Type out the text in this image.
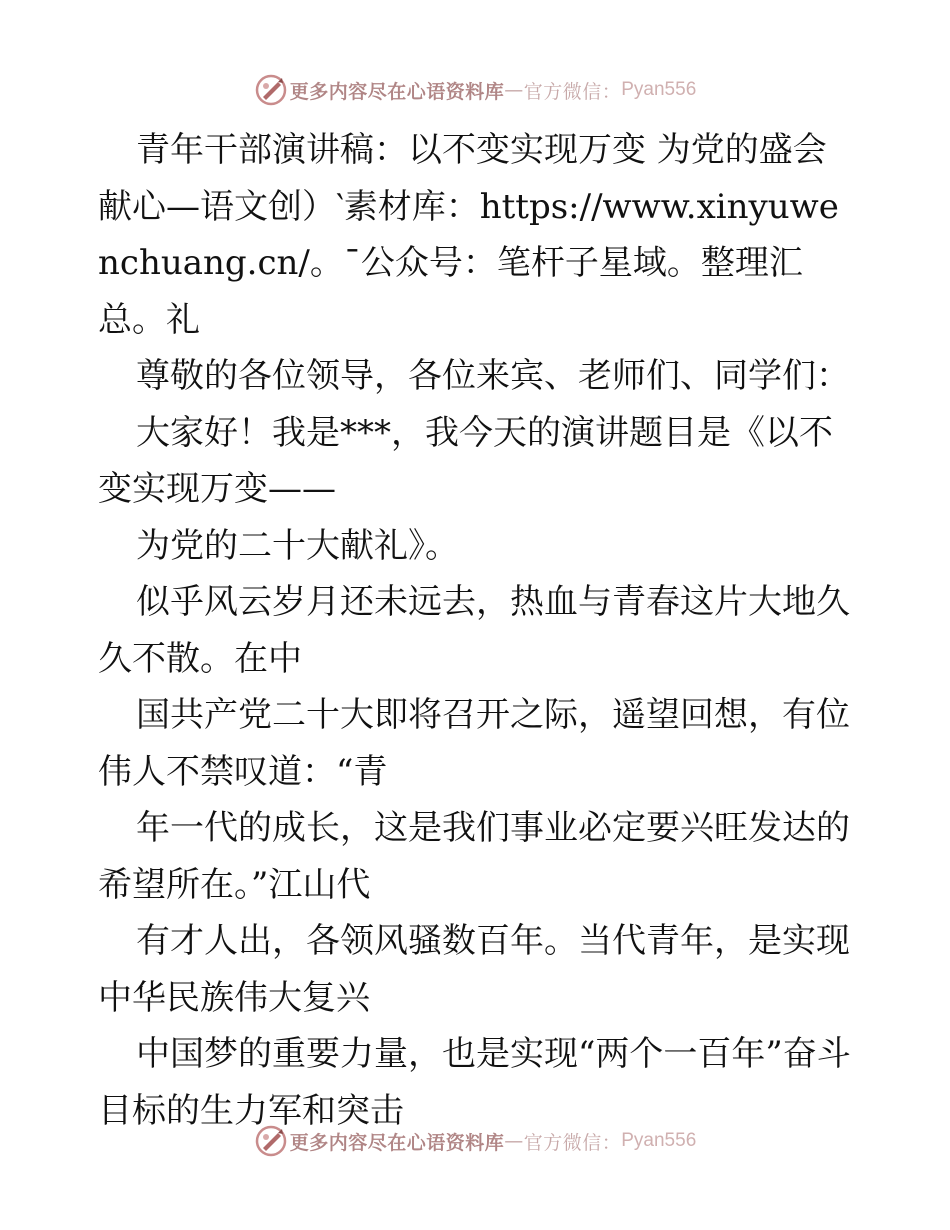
更多内容尽在心语资料库 — 官方微信： Pyan556

青年干部演讲稿：以不变实现万变 为党的盛会献心—语文创）‵素材库：https://www.xinyuwenchuang.cn/。¯公众号：笔杆子星域。整理汇总。礼

尊敬的各位领导，各位来宾、老师们、同学们：

大家好！我是***，我今天的演讲题目是《以不变实现万变——

为党的二十大献礼》。

似乎风云岁月还未远去，热血与青春这片大地久久不散。在中

国共产党二十大即将召开之际，遥望回想，有位伟人不禁叹道：“青

年一代的成长，这是我们事业必定要兴旺发达的希望所在。”江山代

有才人出，各领风骚数百年。当代青年，是实现中华民族伟大复兴

中国梦的重要力量，也是实现“两个一百年”奋斗目标的生力军和突击

更多内容尽在心语资料库 — 官方微信： Pyan556
